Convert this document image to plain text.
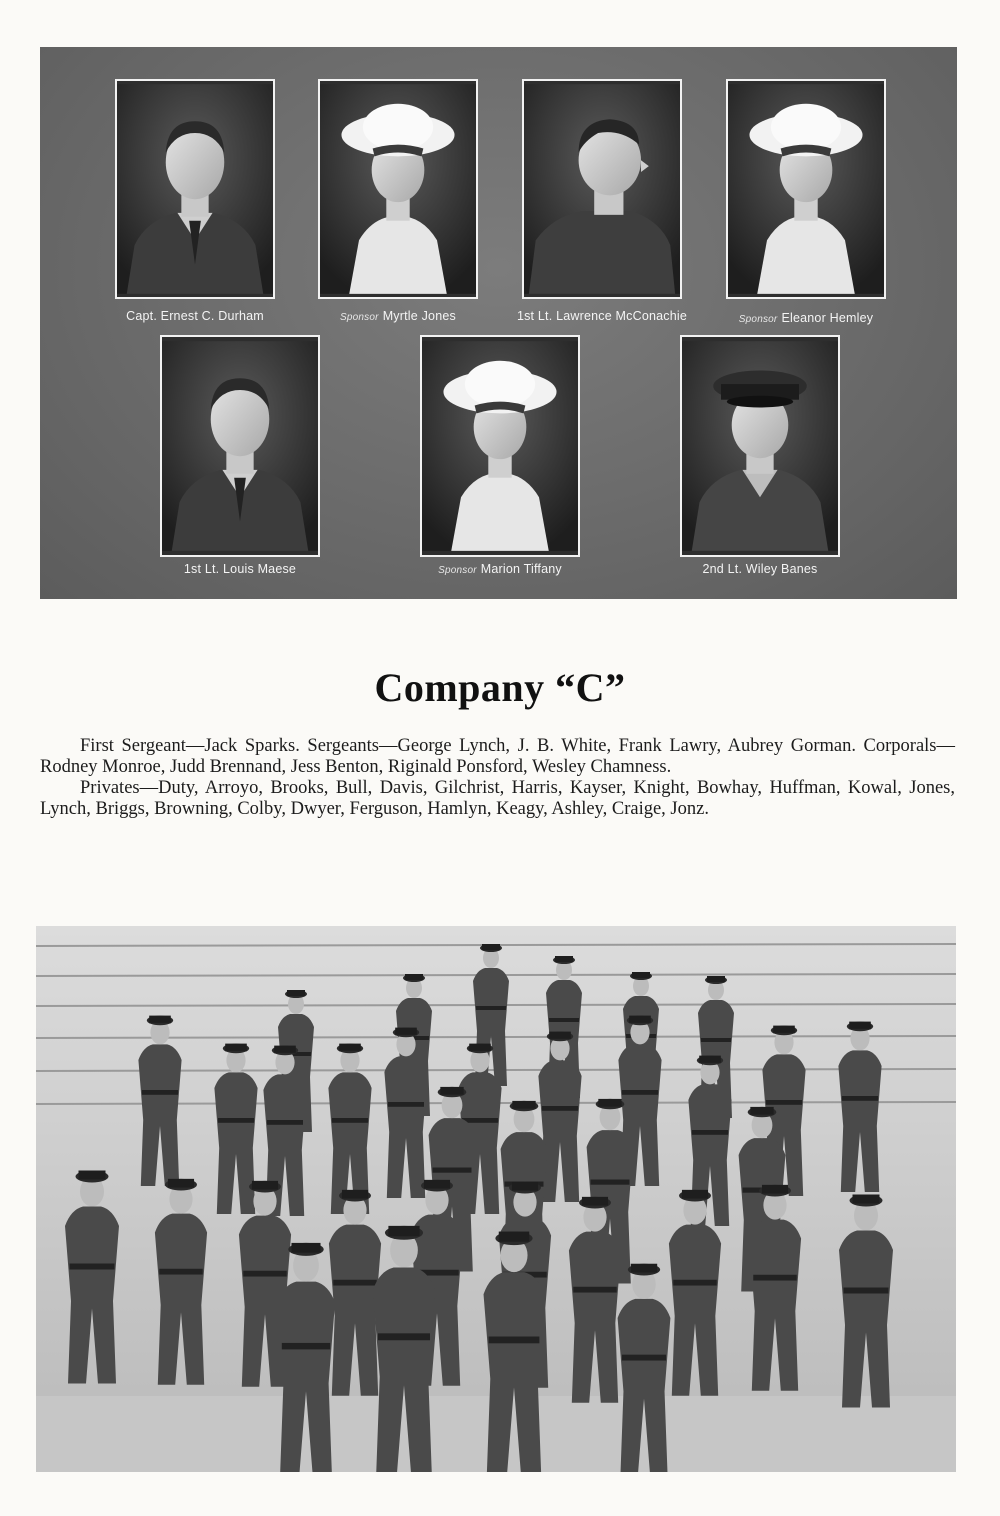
Capt. Ernest C. Durham	Sponsor Myrtle Jones	1st Lt. Lawrence McConachie	Sponsor Eleanor Hemley
1st Lt. Louis Maese	Sponsor Marion Tiffany	2nd Lt. Wiley Banes
Company “C”

First Sergeant—Jack Sparks. Sergeants—George Lynch, J. B. White, Frank Lawry, Aubrey Gorman. Corporals—Rodney Monroe, Judd Brennand, Jess Benton, Riginald Ponsford, Wesley Chamness.

Privates—Duty, Arroyo, Brooks, Bull, Davis, Gilchrist, Harris, Kayser, Knight, Bowhay, Huffman, Kowal, Jones, Lynch, Briggs, Browning, Colby, Dwyer, Ferguson, Hamlyn, Keagy, Ashley, Craige, Jonz.
